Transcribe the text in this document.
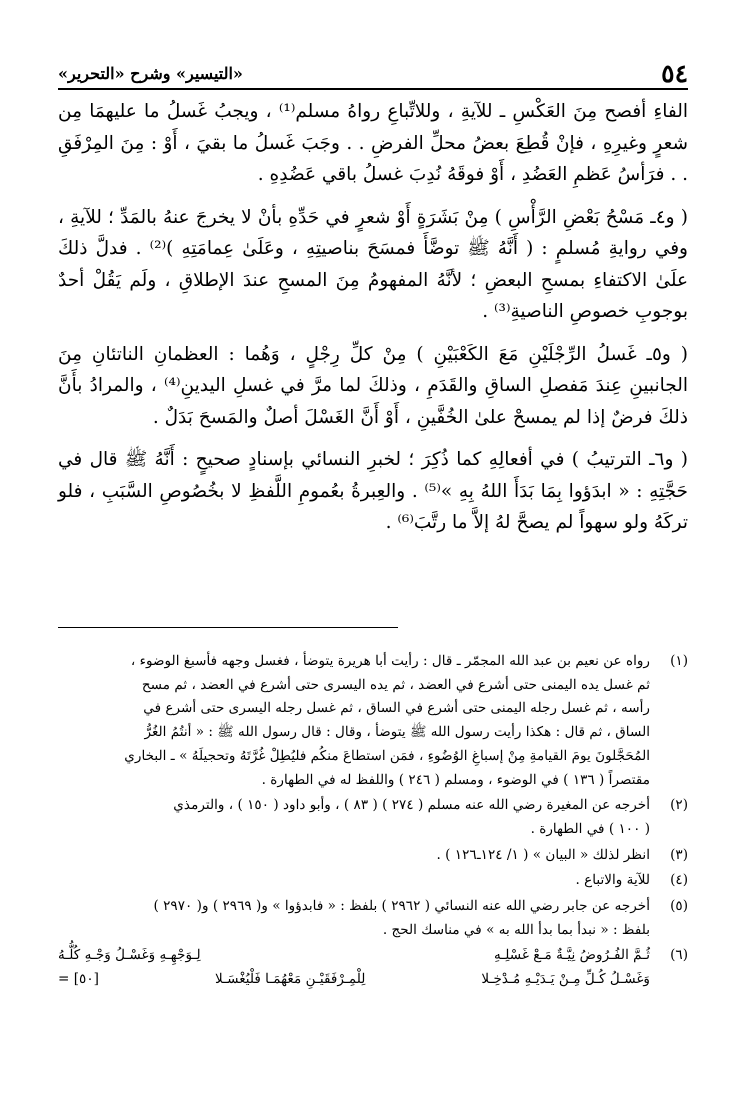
٥٤
«التيسير» وشرح «التحرير»

الفاءِ أفصح مِنَ العَكْسِ ـ للآيةِ ، وللاتِّباعِ رواهُ مسلم⁽¹⁾ ، ويجبُ غَسلُ ما عليهمَا مِن شعرٍ وغيرِهِ ، فإنْ قُطِعَ بعضُ محلِّ الفرضِ . . وجَبَ غَسلُ ما بقيَ ، أَوْ : مِنَ المِرْفَقِ . . فرَأسُ عَظمِ العَضُدِ ، أَوْ فوقَهُ نُدِبَ غسلُ باقي عَضُدِهِ .

( و٤ـ مَسْحُ بَعْضِ الرَّأْسِ ) مِنْ بَشَرَةٍ أَوْ شعرٍ في حَدِّهِ بأنْ لا يخرجَ عنهُ بالمَدِّ ؛ للآيةِ ، وفي روايةِ مُسلمٍ : ( أَنَّهُ ﷺ توضَّأَ فمسَحَ بناصيتِهِ ، وعَلَىٰ عِمامَتِهِ )⁽²⁾ . فدلَّ ذلكَ علَىٰ الاكتفاءِ بمسحِ البعضِ ؛ لأنَّهُ المفهومُ مِنَ المسحِ عندَ الإطلاقِ ، ولَم يَقُلْ أحدٌ بوجوبِ خصوصِ الناصيةِ⁽³⁾ .

( و٥ـ غَسلُ الرِّجْلَيْنِ مَعَ الكَعْبَيْنِ ) مِنْ كلِّ رِجْلٍ ، وَهُما : العظمانِ الناتئانِ مِنَ الجانبينِ عِندَ مَفصلِ الساقِ والقَدَمِ ، وذلكَ لما مرَّ في غسلِ اليدينِ⁽⁴⁾ ، والمرادُ بأَنَّ ذلكَ فرضٌ إذا لم يمسحْ علىٰ الخُفَّينِ ، أَوْ أَنَّ الغَسْلَ أصلٌ والمَسحَ بَدَلٌ .

( و٦ـ الترتيبُ ) في أفعالِهِ كما ذُكِرَ ؛ لخبرِ النسائي بإسنادٍ صحيحٍ : أَنَّهُ ﷺ قال في حَجَّتِهِ : « ابدَؤوا بِمَا بَدَأَ اللهُ بِهِ »⁽⁵⁾ . والعِبرةُ بعُمومِ اللَّفظِ لا بخُصُوصِ السَّبَبِ ، فلو تركَهُ ولو سهواً لم يصحَّ لهُ إلاَّ ما رتَّبَ⁽⁶⁾ .

(١)
رواه عن نعيم بن عبد الله المجمّر ـ قال : رأيت أبا هريرة يتوضأ ، فغسل وجهه فأسبغ الوضوء ،
ثم غسل يده اليمنى حتى أشرع في العضد ، ثم يده اليسرى حتى أشرع في العضد ، ثم مسح
رأسه ، ثم غسل رجله اليمنى حتى أشرع في الساق ، ثم غسل رجله اليسرى حتى أشرع في
الساق ، ثم قال : هكذا رأيت رسول الله ﷺ يتوضأ ، وقال : قال رسول الله ﷺ : « أنتُمُ الغُرُّ
المُحَجَّلونَ يومَ القيامةِ مِنْ إسباغِ الوُضُوءِ ، فمَن استطاعَ منكُم فليُطِلْ غُرَّتَهُ وتحجيلَهُ » ـ البخاري
مقتصراً ( ١٣٦ ) في الوضوء ، ومسلم ( ٢٤٦ ) واللفظ له في الطهارة .
(٢)
أخرجه عن المغيرة رضي الله عنه مسلم ( ٢٧٤ ) ( ٨٣ ) ، وأبو داود ( ١٥٠ ) ، والترمذي
( ١٠٠ ) في الطهارة .
(٣)
انظر لذلك « البيان » ( ١/ ١٢٤ـ١٢٦ ) .
(٤)
للآية والاتباع .
(٥)
أخرجه عن جابر رضي الله عنه النسائي ( ٢٩٦٢ ) بلفظ : « فابدؤوا » و( ٢٩٦٩ ) و( ٢٩٧٠ )
بلفظ : « نبدأ بما بدأ الله به » في مناسك الحج .
(٦)
ثُـمَّ الفُـرُوضُ نِيَّـةٌ مَـعْ غَسْلِـهِ
لِـوَجْهِـهِ وَغَسْـلُ وَجْـهِ كُلُّـهُ
وَغَسْـلُ كُـلِّ مِـنْ يَـدَيْـهِ مُـدْخِـلا
لِلْمِـرْفَقَيْـنِ مَعْهُمَـا فَلْيُغْسَـلا
[٥٠] =
